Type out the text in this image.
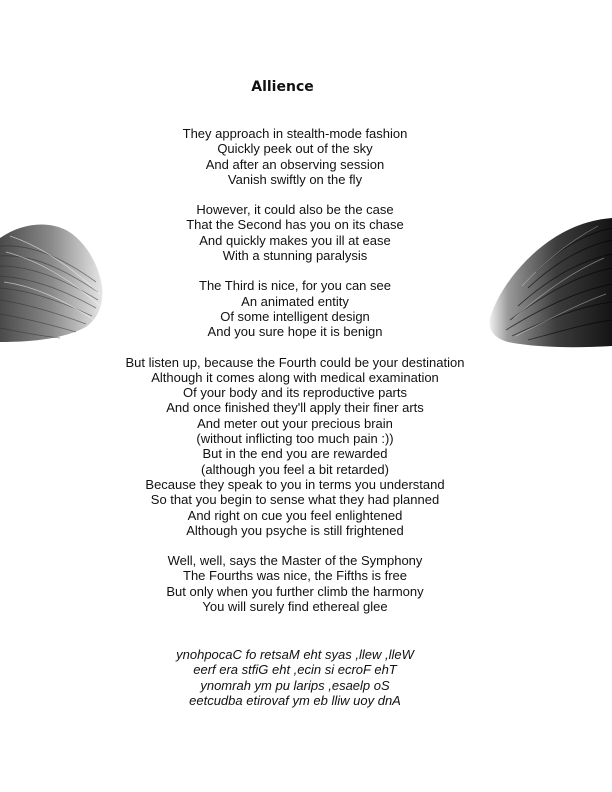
Allience
They approach in stealth-mode fashion
Quickly peek out of the sky
And after an observing session
Vanish swiftly on the fly
However, it could also be the case
That the Second has you on its chase
And quickly makes you ill at ease
With a stunning paralysis
The Third is nice, for you can see
An animated entity
Of some intelligent design
And you sure hope it is benign
But listen up, because the Fourth could be your destination
Although it comes along with medical examination
Of your body and its reproductive parts
And once finished they'll apply their finer arts
And meter out your precious brain
(without inflicting too much pain :))
But in the end you are rewarded
(although you feel a bit retarded)
Because they speak to you in terms you understand
So that you begin to sense what they had planned
And right on cue you feel enlightened
Although you psyche is still frightened
Well, well, says the Master of the Symphony
The Fourths was nice, the Fifths is free
But only when you further climb the harmony
You will surely find ethereal glee
ynohpocaC fo retsaM eht syas ,llew ,lleW
eerf era stfiG eht ,ecin si ecroF ehT
ynomrah ym pu larips ,esaelp oS
eetcudba etirovaf ym eb lliw uoy dnA
